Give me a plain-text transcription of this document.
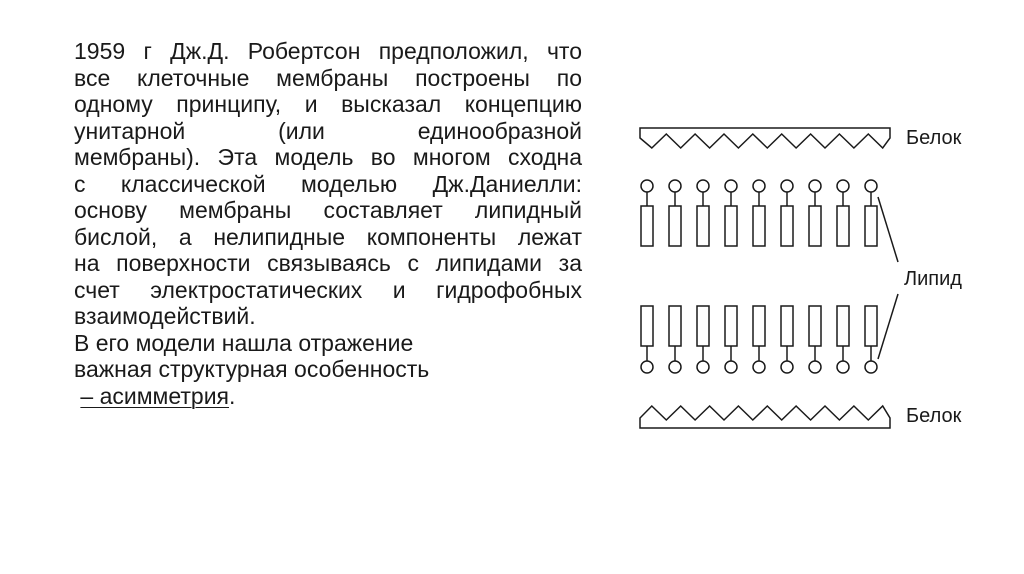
1959 г Дж.Д. Робертсон предположил, что
все клеточные мембраны построены по
одному принципу, и высказал концепцию
унитарной (или единообразной
мембраны). Эта модель во многом сходна
с классической моделью Дж.Даниелли:
основу мембраны составляет липидный
бислой, а нелипидные компоненты лежат
на поверхности связываясь с липидами за
счет электростатических и гидрофобных
взаимодействий.
В его модели нашла отражение
важная структурная особенность
– асимметрия.
Белок
Липид
Белок
